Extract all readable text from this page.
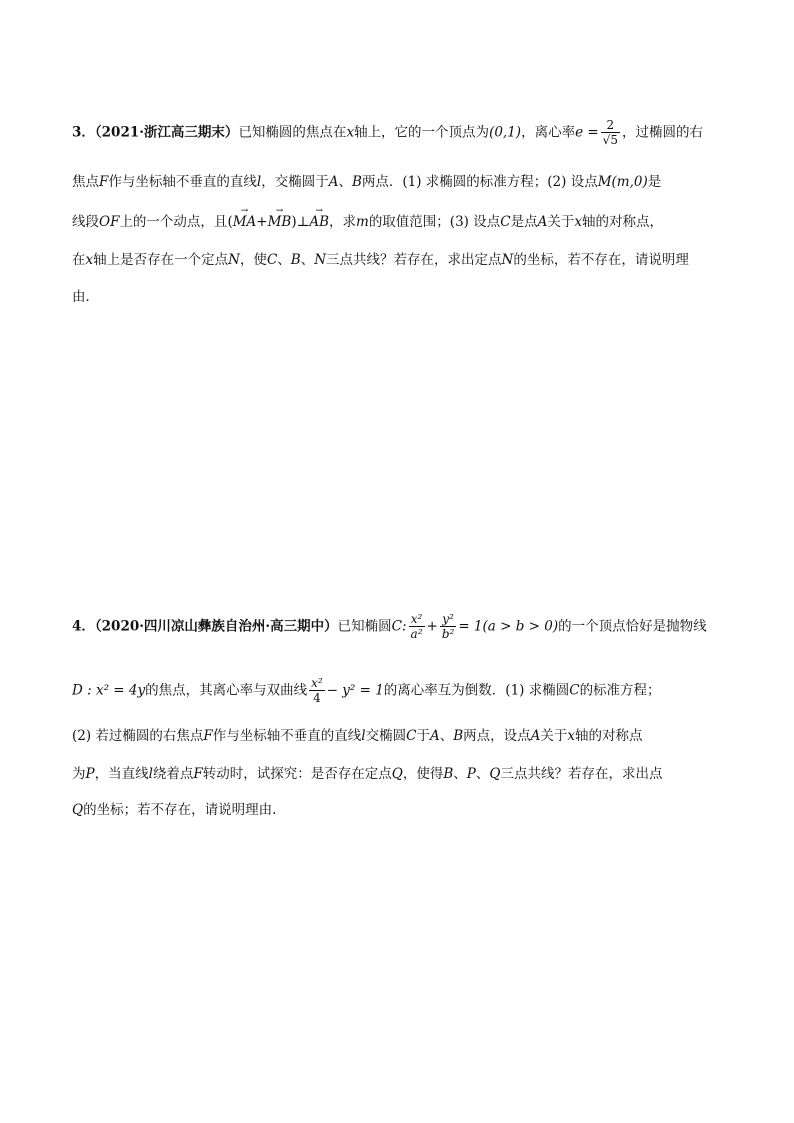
3．（2021·浙江高三期末）已知椭圆的焦点在x轴上，它的一个顶点为(0,1)，离心率$e = \frac{2}{√5}$ ，过椭圆的右
焦点F作与坐标轴不垂直的直线l，交椭圆于A、B两点．(1) 求椭圆的标准方程；(2) 设点M(m,0)是
线段OF上的一个动点，且(→ MA+→ MB)⊥→ AB，求m的取值范围；(3) 设点C是点A关于x轴的对称点，
在x轴上是否存在一个定点N，使C、B、N三点共线？若存在，求出定点N的坐标，若不存在，请说明理
由．
4．（2020·四川凉山彝族自治州·高三期中）已知椭圆C: $\frac{\text{x²}}{\text{a²}} + \frac{\text{y²}}{\text{b²}} = 1(a > b > 0)$的一个顶点恰好是抛物线
D : x² = 4y的焦点，其离心率与双曲线 $\frac{\text{x²}}{4} - y^2 = 1$的离心率互为倒数．(1) 求椭圆C的标准方程；
(2) 若过椭圆的右焦点F作与坐标轴不垂直的直线l交椭圆C于A、B两点，设点A关于x轴的对称点
为P，当直线l绕着点F转动时，试探究：是否存在定点Q，使得B、P、Q三点共线？若存在，求出点
Q的坐标；若不存在，请说明理由.
